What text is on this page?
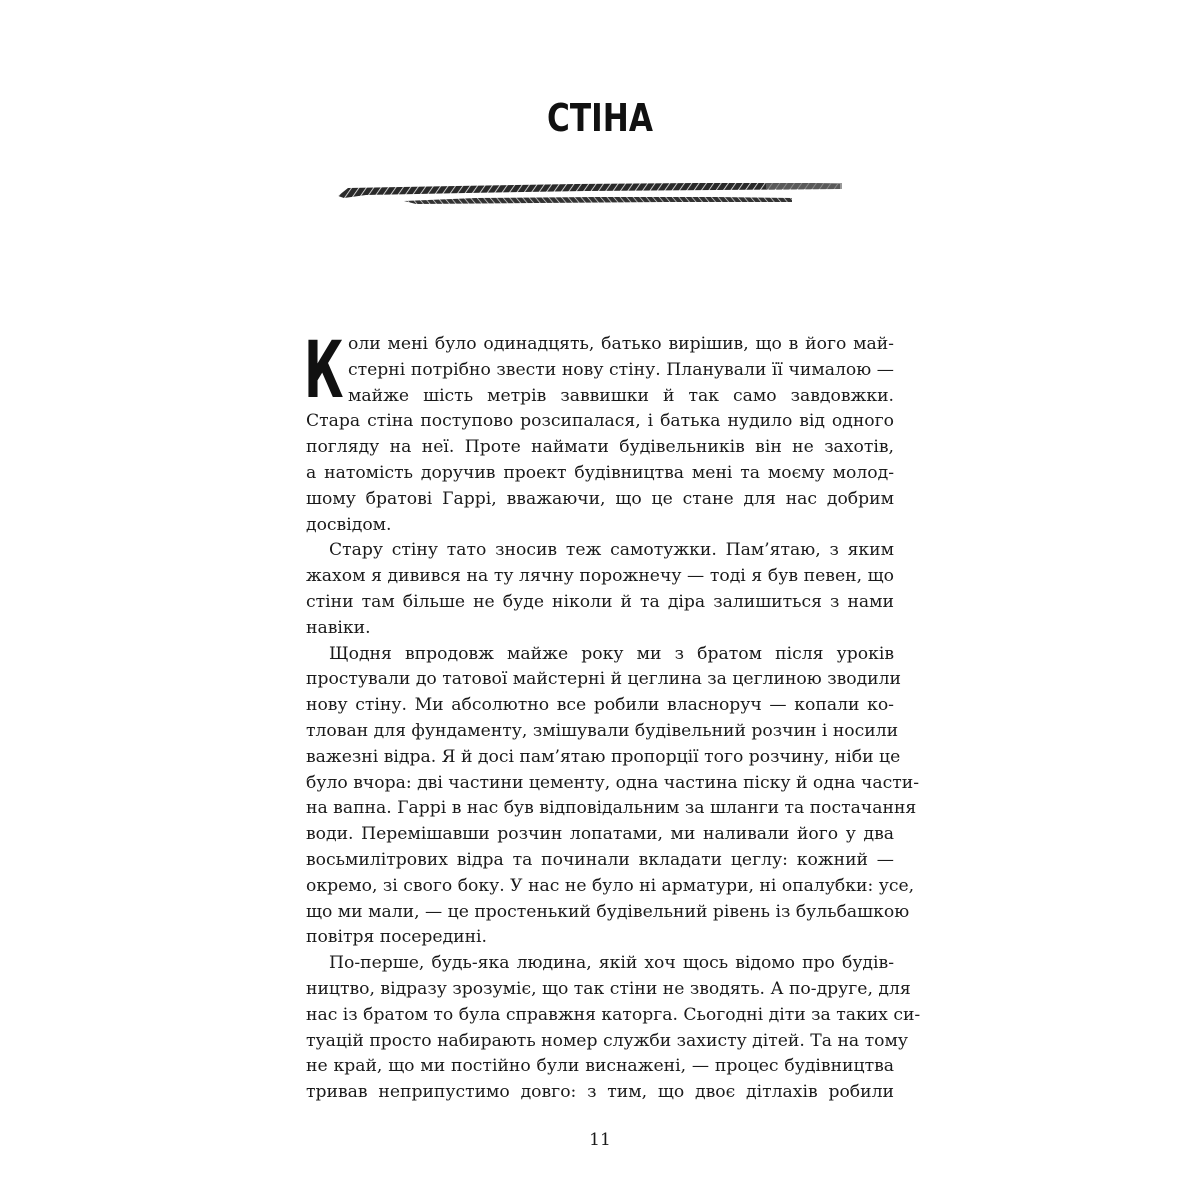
СТІНА
К оли мені було одинадцять, батько вирішив, що в його май-
стерні потрібно звести нову стіну. Планували її чималою —
майже шість метрів заввишки й так само завдовжки.
Стара стіна поступово розсипалася, і батька нудило від одного
погляду на неї. Проте наймати будівельників він не захотів,
а натомість доручив проект будівництва мені та моєму молод-
шому братові Гаррі, вважаючи, що це стане для нас добрим
досвідом.
Стару стіну тато зносив теж самотужки. Пам’ятаю, з яким
жахом я дивився на ту лячну порожнечу — тоді я був певен, що
стіни там більше не буде ніколи й та діра залишиться з нами
навіки.
Щодня впродовж майже року ми з братом після уроків
простували до татової майстерні й цеглина за цеглиною зводили
нову стіну. Ми абсолютно все робили власноруч — копали ко-
тлован для фундаменту, змішували будівельний розчин і носили
важезні відра. Я й досі пам’ятаю пропорції того розчину, ніби це
було вчора: дві частини цементу, одна частина піску й одна части-
на вапна. Гаррі в нас був відповідальним за шланги та постачання
води. Перемішавши розчин лопатами, ми наливали його у два
восьмилітрових відра та починали вкладати цеглу: кожний —
окремо, зі свого боку. У нас не було ні арматури, ні опалубки: усе,
що ми мали, — це простенький будівельний рівень із бульбашкою
повітря посередині.
По-перше, будь-яка людина, якій хоч щось відомо про будів-
ництво, відразу зрозуміє, що так стіни не зводять. А по-друге, для
нас із братом то була справжня каторга. Сьогодні діти за таких си-
туацій просто набирають номер служби захисту дітей. Та на тому
не край, що ми постійно були виснажені, — процес будівництва
тривав неприпустимо довго: з тим, що двоє дітлахів робили
11
